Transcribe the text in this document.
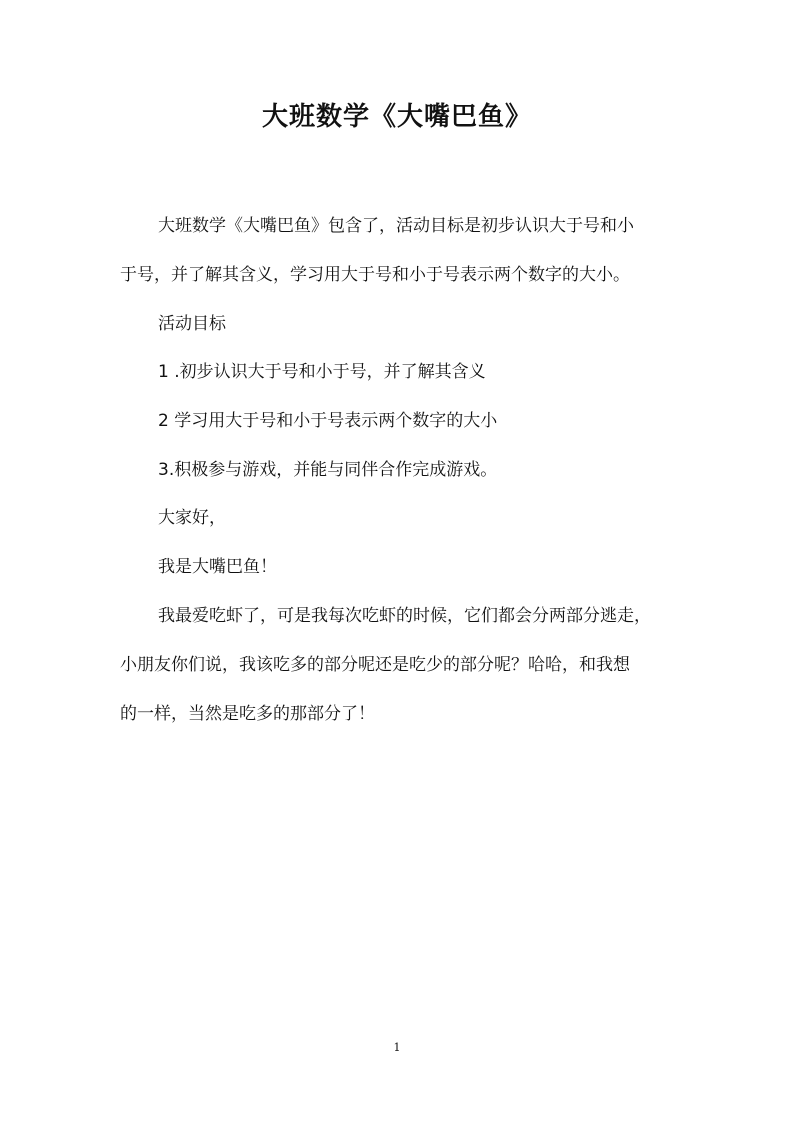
大班数学《大嘴巴鱼》
大班数学《大嘴巴鱼》包含了，活动目标是初步认识大于号和小
于号，并了解其含义，学习用大于号和小于号表示两个数字的大小。
活动目标
1 .初步认识大于号和小于号，并了解其含义
2 学习用大于号和小于号表示两个数字的大小
3.积极参与游戏，并能与同伴合作完成游戏。
大家好，
我是大嘴巴鱼！
我最爱吃虾了，可是我每次吃虾的时候，它们都会分两部分逃走，
小朋友你们说，我该吃多的部分呢还是吃少的部分呢？哈哈，和我想
的一样，当然是吃多的那部分了！
1
